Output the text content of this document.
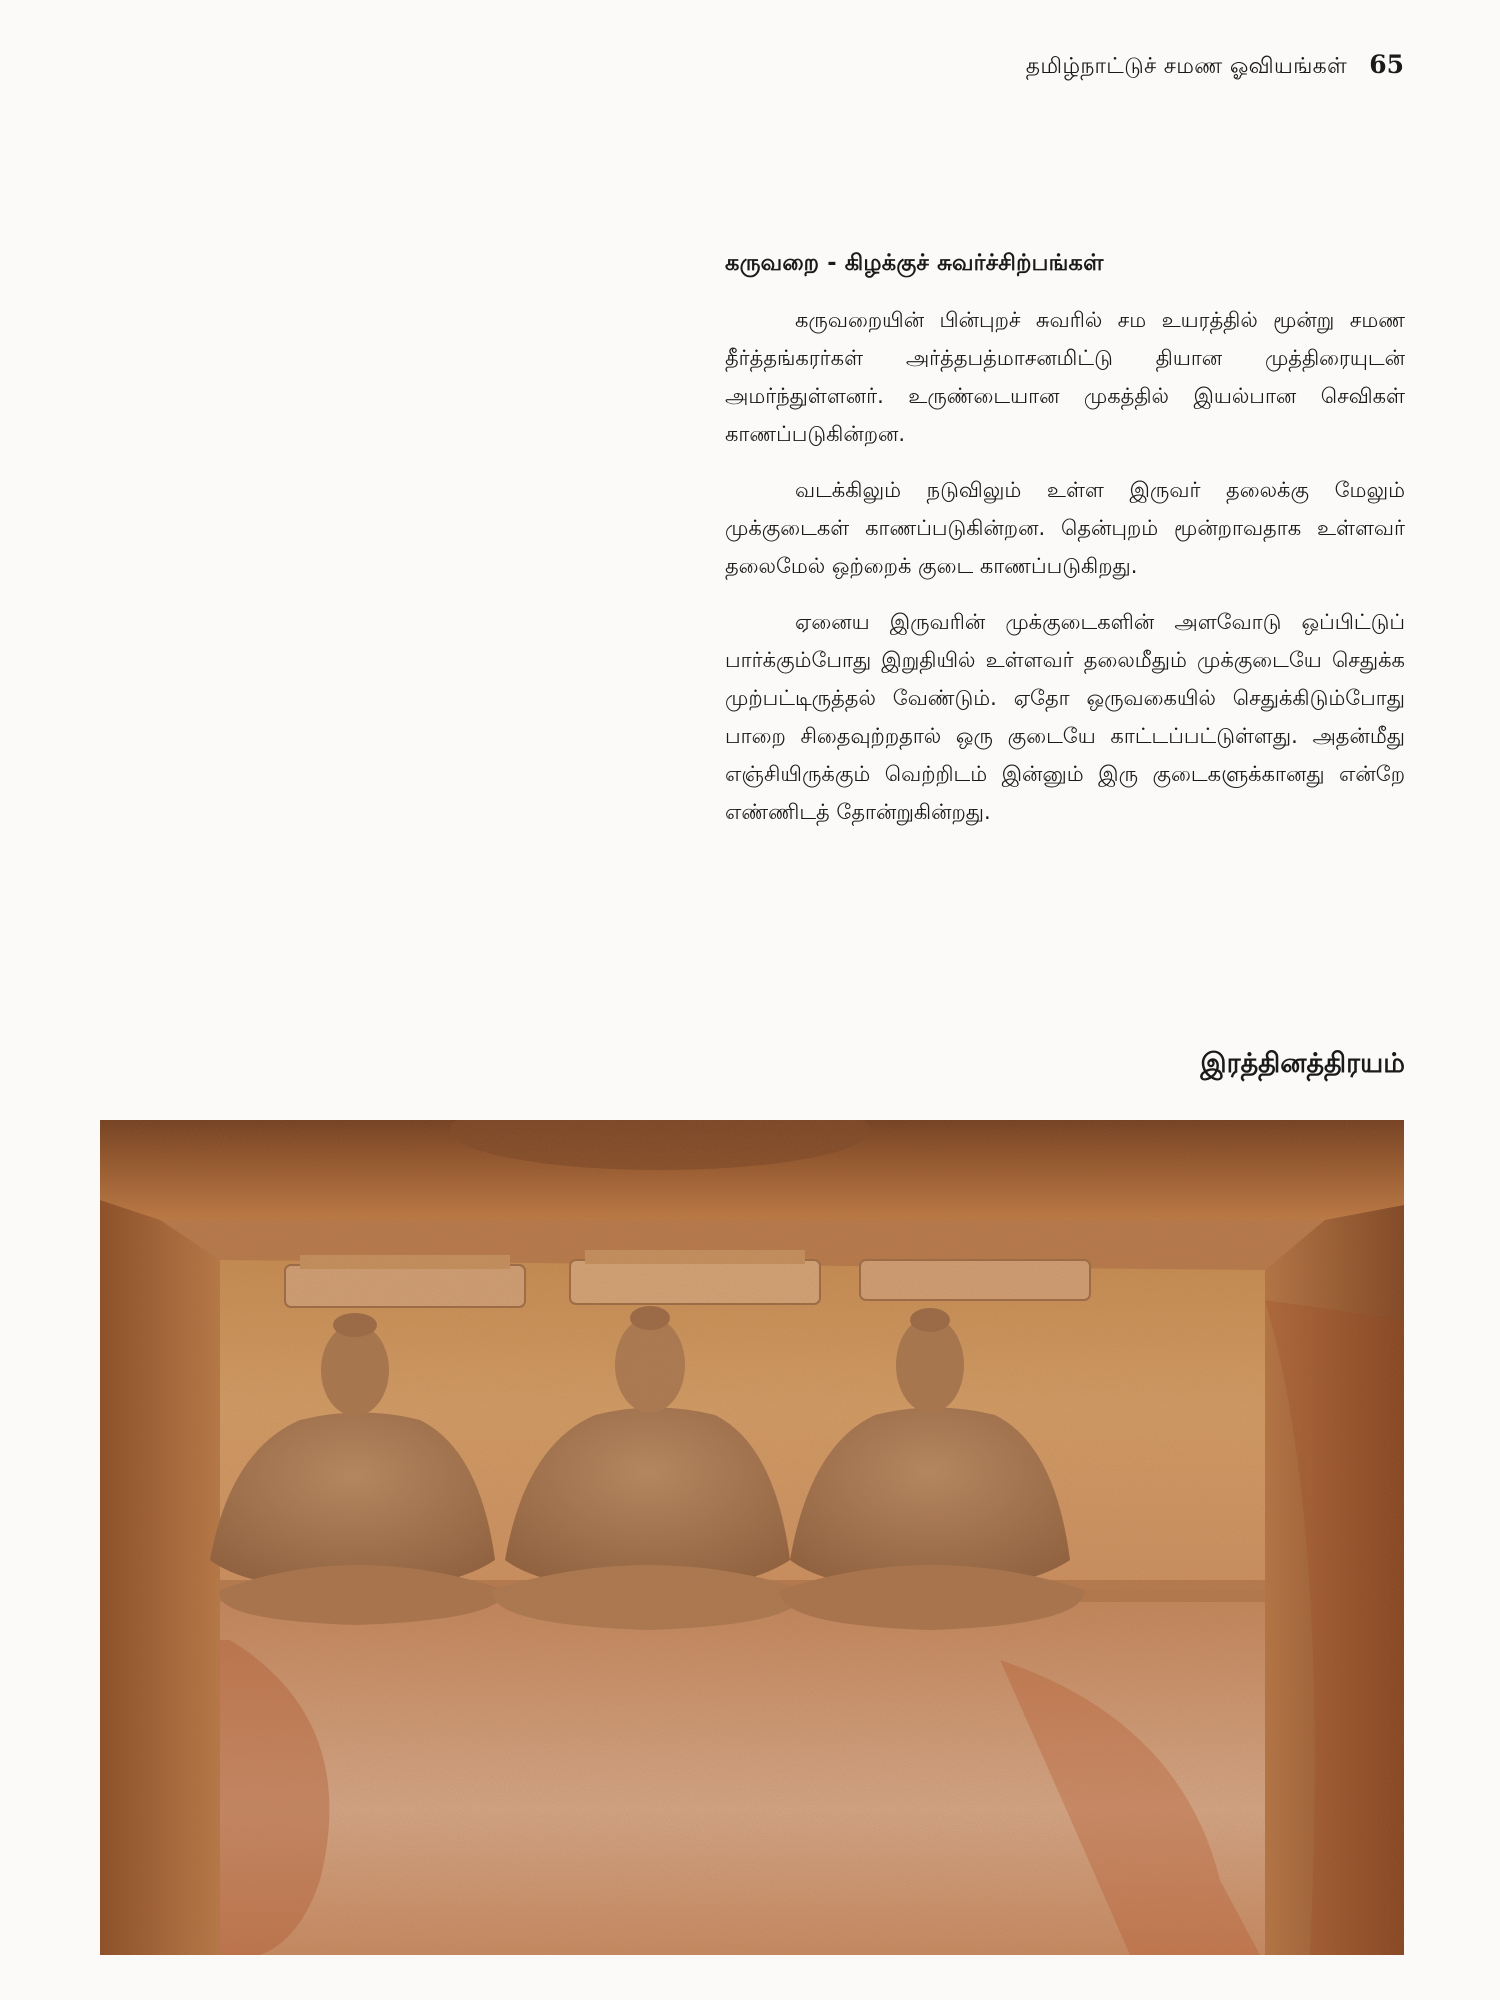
தமிழ்நாட்டுச் சமண ஓவியங்கள் 65
கருவறை - கிழக்குச் சுவர்ச்சிற்பங்கள்

கருவறையின் பின்புறச் சுவரில் சம உயரத்தில் மூன்று சமண தீர்த்தங்கரர்கள் அர்த்தபத்மாசனமிட்டு தியான முத்திரையுடன் அமர்ந்துள்ளனர். உருண்டையான முகத்தில் இயல்பான செவிகள் காணப்படுகின்றன.

வடக்கிலும் நடுவிலும் உள்ள இருவர் தலைக்கு மேலும் முக்குடைகள் காணப்படுகின்றன. தென்புறம் மூன்றாவதாக உள்ளவர் தலைமேல் ஒற்றைக் குடை காணப்படுகிறது.

ஏனைய இருவரின் முக்குடைகளின் அளவோடு ஒப்பிட்டுப் பார்க்கும்போது இறுதியில் உள்ளவர் தலைமீதும் முக்குடையே செதுக்க முற்பட்டிருத்தல் வேண்டும். ஏதோ ஒருவகையில் செதுக்கிடும்போது பாறை சிதைவுற்றதால் ஒரு குடையே காட்டப்பட்டுள்ளது. அதன்மீது எஞ்சியிருக்கும் வெற்றிடம் இன்னும் இரு குடைகளுக்கானது என்றே எண்ணிடத் தோன்றுகின்றது.

இரத்தினத்திரயம்
